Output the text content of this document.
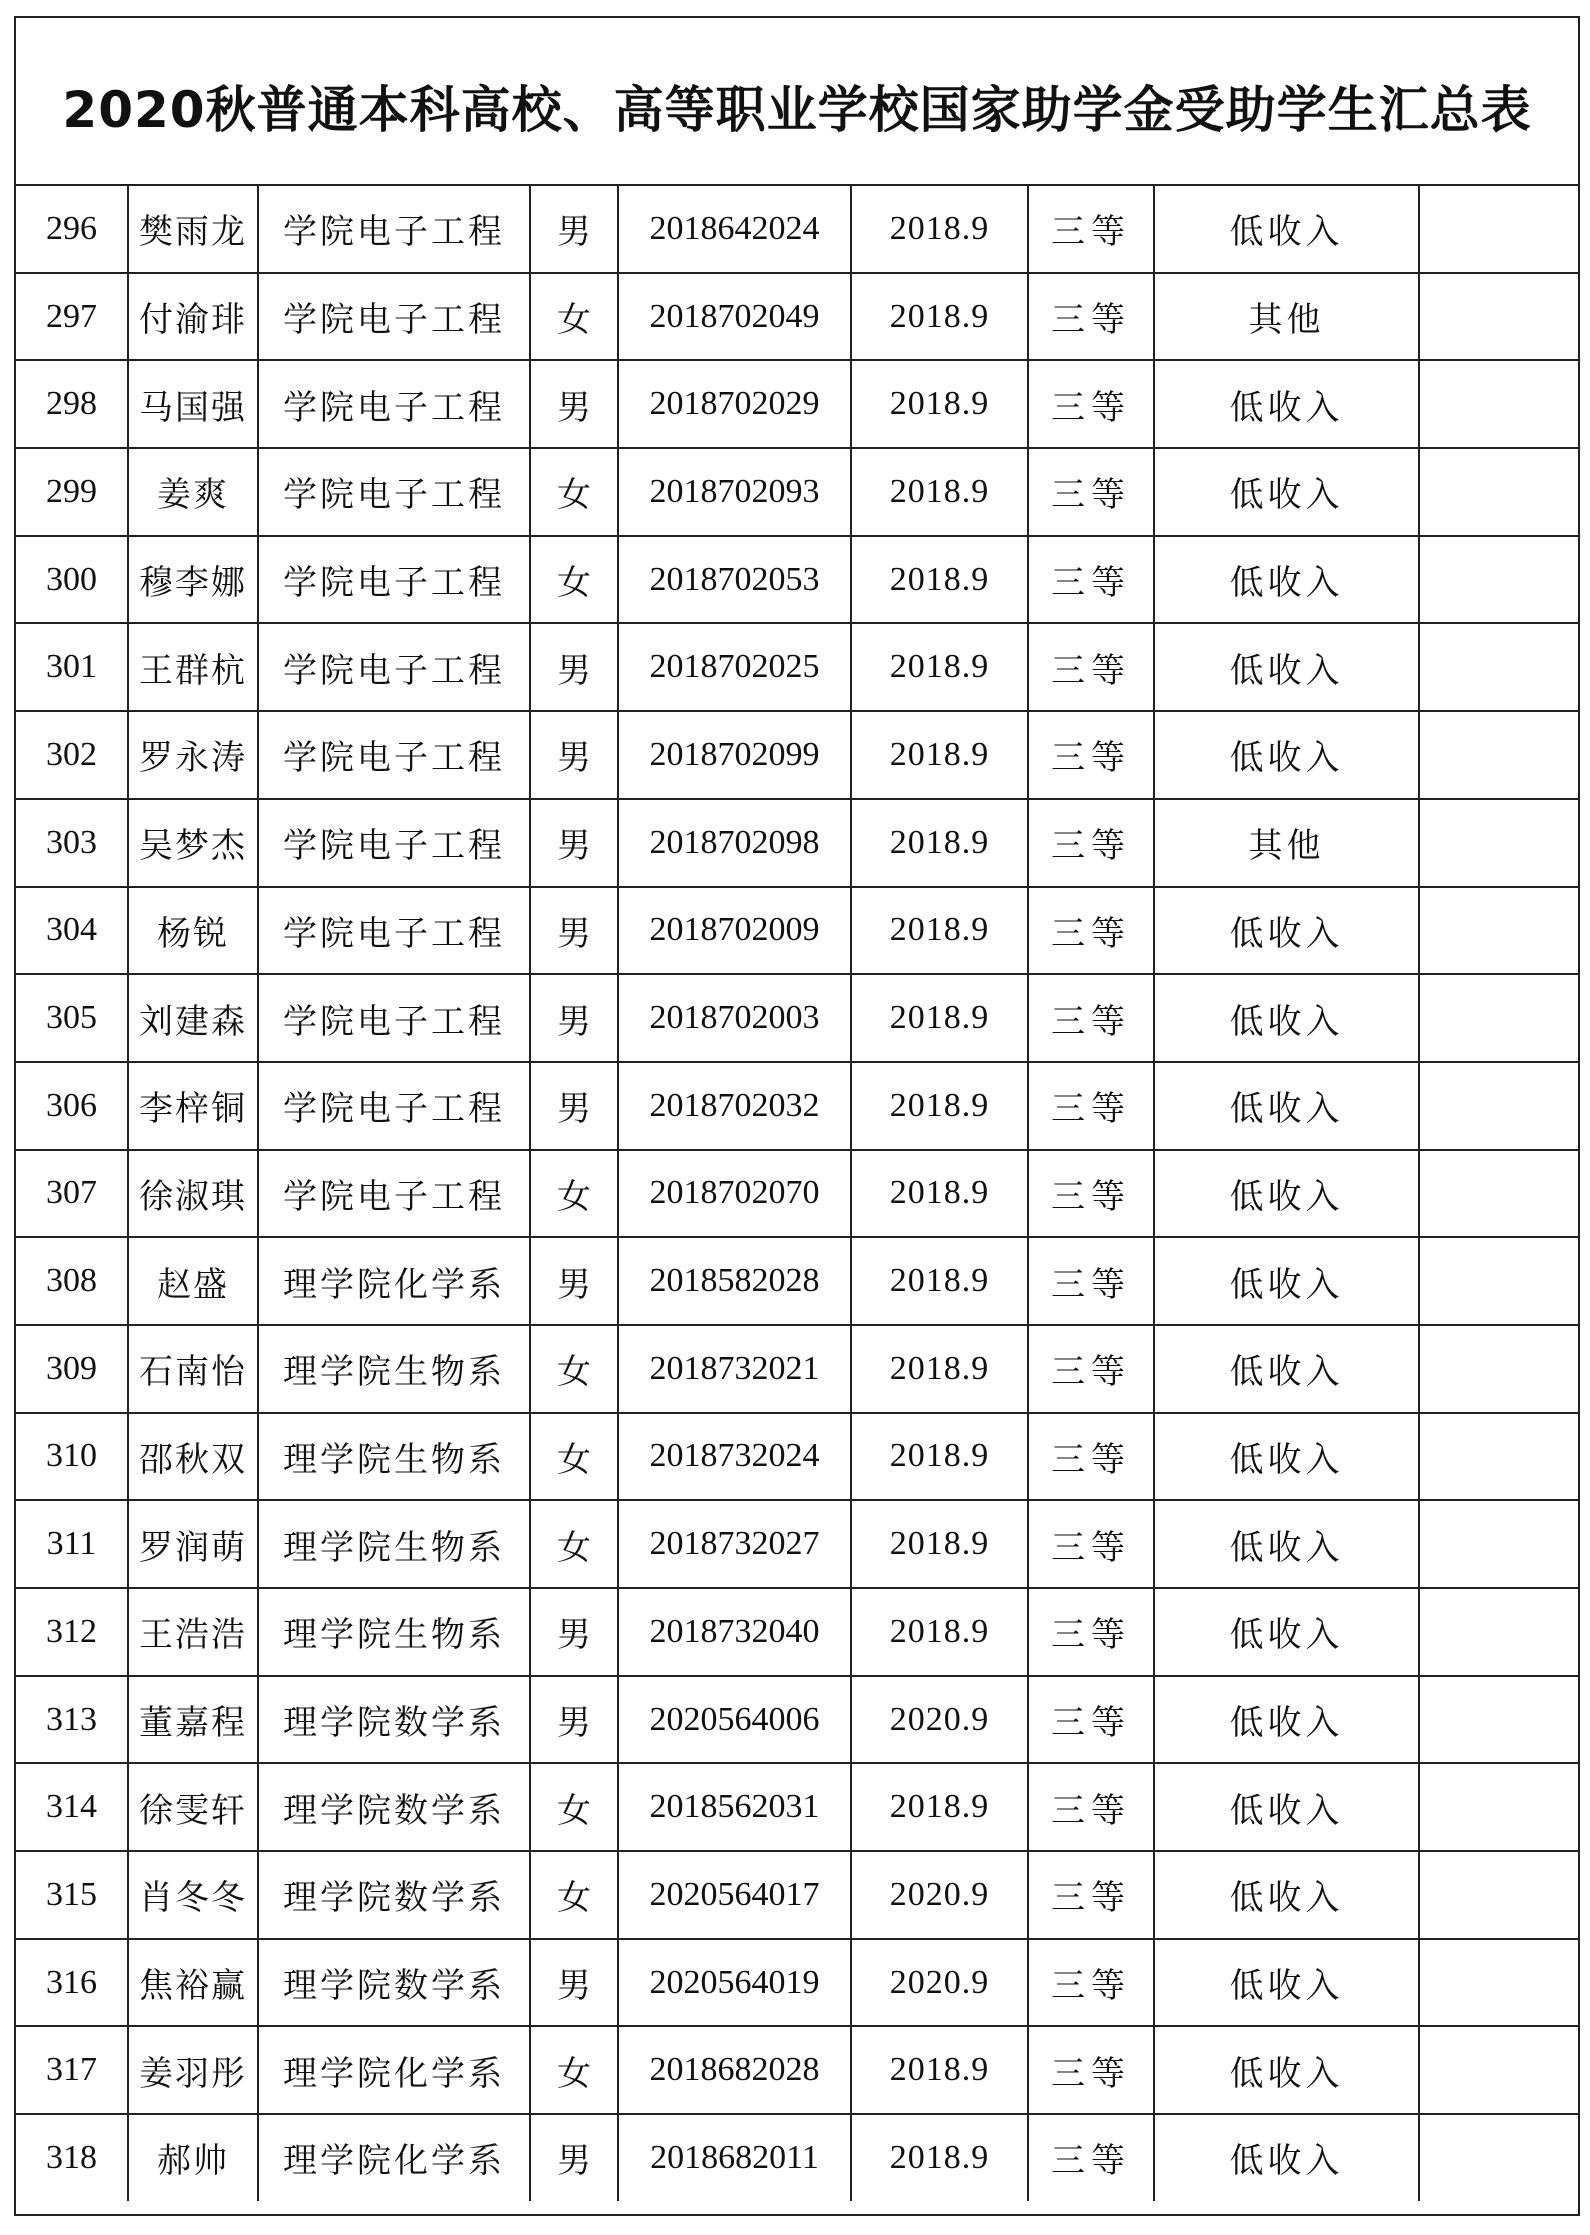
2020秋普通本科高校、高等职业学校国家助学金受助学生汇总表
296	樊雨龙	学院电子工程	男	2018642024	2018.9	三等	低收入	
297	付渝琲	学院电子工程	女	2018702049	2018.9	三等	其他	
298	马国强	学院电子工程	男	2018702029	2018.9	三等	低收入	
299	姜爽	学院电子工程	女	2018702093	2018.9	三等	低收入	
300	穆李娜	学院电子工程	女	2018702053	2018.9	三等	低收入	
301	王群杭	学院电子工程	男	2018702025	2018.9	三等	低收入	
302	罗永涛	学院电子工程	男	2018702099	2018.9	三等	低收入	
303	吴梦杰	学院电子工程	男	2018702098	2018.9	三等	其他	
304	杨锐	学院电子工程	男	2018702009	2018.9	三等	低收入	
305	刘建森	学院电子工程	男	2018702003	2018.9	三等	低收入	
306	李梓铜	学院电子工程	男	2018702032	2018.9	三等	低收入	
307	徐淑琪	学院电子工程	女	2018702070	2018.9	三等	低收入	
308	赵盛	理学院化学系	男	2018582028	2018.9	三等	低收入	
309	石南怡	理学院生物系	女	2018732021	2018.9	三等	低收入	
310	邵秋双	理学院生物系	女	2018732024	2018.9	三等	低收入	
311	罗润萌	理学院生物系	女	2018732027	2018.9	三等	低收入	
312	王浩浩	理学院生物系	男	2018732040	2018.9	三等	低收入	
313	董嘉程	理学院数学系	男	2020564006	2020.9	三等	低收入	
314	徐雯轩	理学院数学系	女	2018562031	2018.9	三等	低收入	
315	肖冬冬	理学院数学系	女	2020564017	2020.9	三等	低收入	
316	焦裕赢	理学院数学系	男	2020564019	2020.9	三等	低收入	
317	姜羽彤	理学院化学系	女	2018682028	2018.9	三等	低收入	
318	郝帅	理学院化学系	男	2018682011	2018.9	三等	低收入	
